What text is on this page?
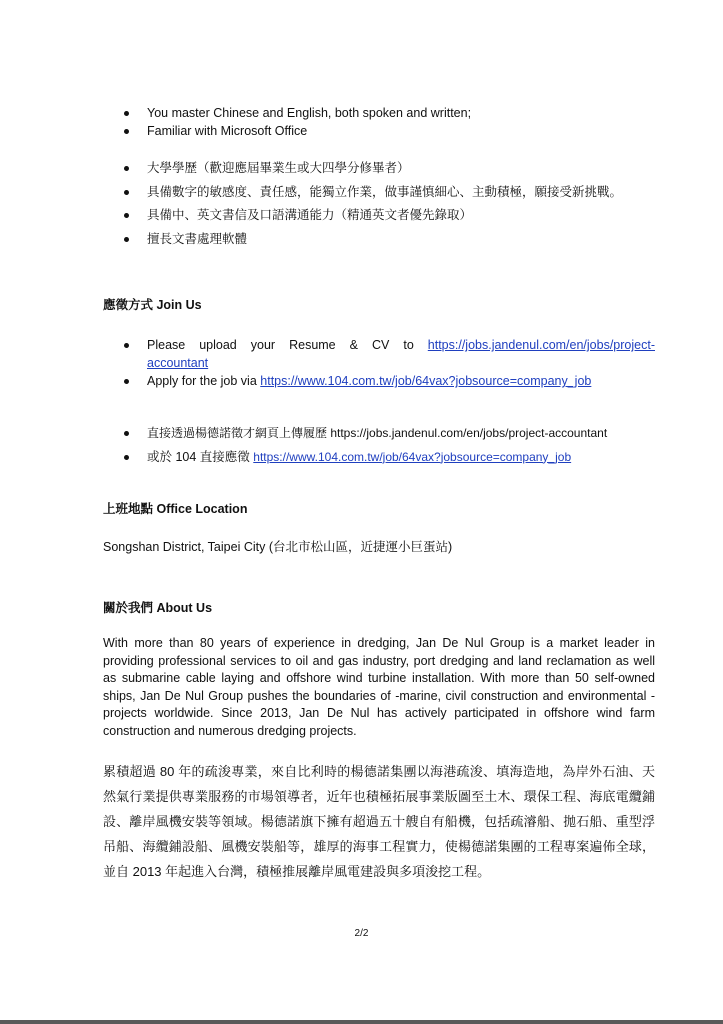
You master Chinese and English, both spoken and written;
Familiar with Microsoft Office
大學學歷（歡迎應屆畢業生或大四學分修畢者）
具備數字的敏感度、責任感，能獨立作業，做事謹慎細心、主動積極，願接受新挑戰。
具備中、英文書信及口語溝通能力（精通英文者優先錄取）
擅長文書處理軟體
應徵方式 Join Us
Please upload your Resume & CV to https://jobs.jandenul.com/en/jobs/project-accountant
Apply for the job via https://www.104.com.tw/job/64vax?jobsource=company_job
直接透過楊德諾徵才網頁上傳履歷 https://jobs.jandenul.com/en/jobs/project-accountant
或於 104 直接應徵 https://www.104.com.tw/job/64vax?jobsource=company_job
上班地點 Office Location

Songshan District, Taipei City (台北市松山區，近捷運小巨蛋站)

關於我們 About Us

With more than 80 years of experience in dredging, Jan De Nul Group is a market leader in providing professional services to oil and gas industry, port dredging and land reclamation as well as submarine cable laying and offshore wind turbine installation. With more than 50 self-owned ships, Jan De Nul Group pushes the boundaries of -marine, civil construction and environmental -projects worldwide. Since 2013, Jan De Nul has actively participated in offshore wind farm construction and numerous dredging projects.

累積超過 80 年的疏浚專業，來自比利時的楊德諾集團以海港疏浚、填海造地，為岸外石油、天然氣行業提供專業服務的市場領導者，近年也積極拓展事業版圖至土木、環保工程、海底電纜鋪設、離岸風機安裝等領域。楊德諾旗下擁有超過五十艘自有船機，包括疏濬船、拋石船、重型浮吊船、海纜鋪設船、風機安裝船等，雄厚的海事工程實力，使楊德諾集團的工程專案遍佈全球，並自 2013 年起進入台灣，積極推展離岸風電建設與多項浚挖工程。

2/2
